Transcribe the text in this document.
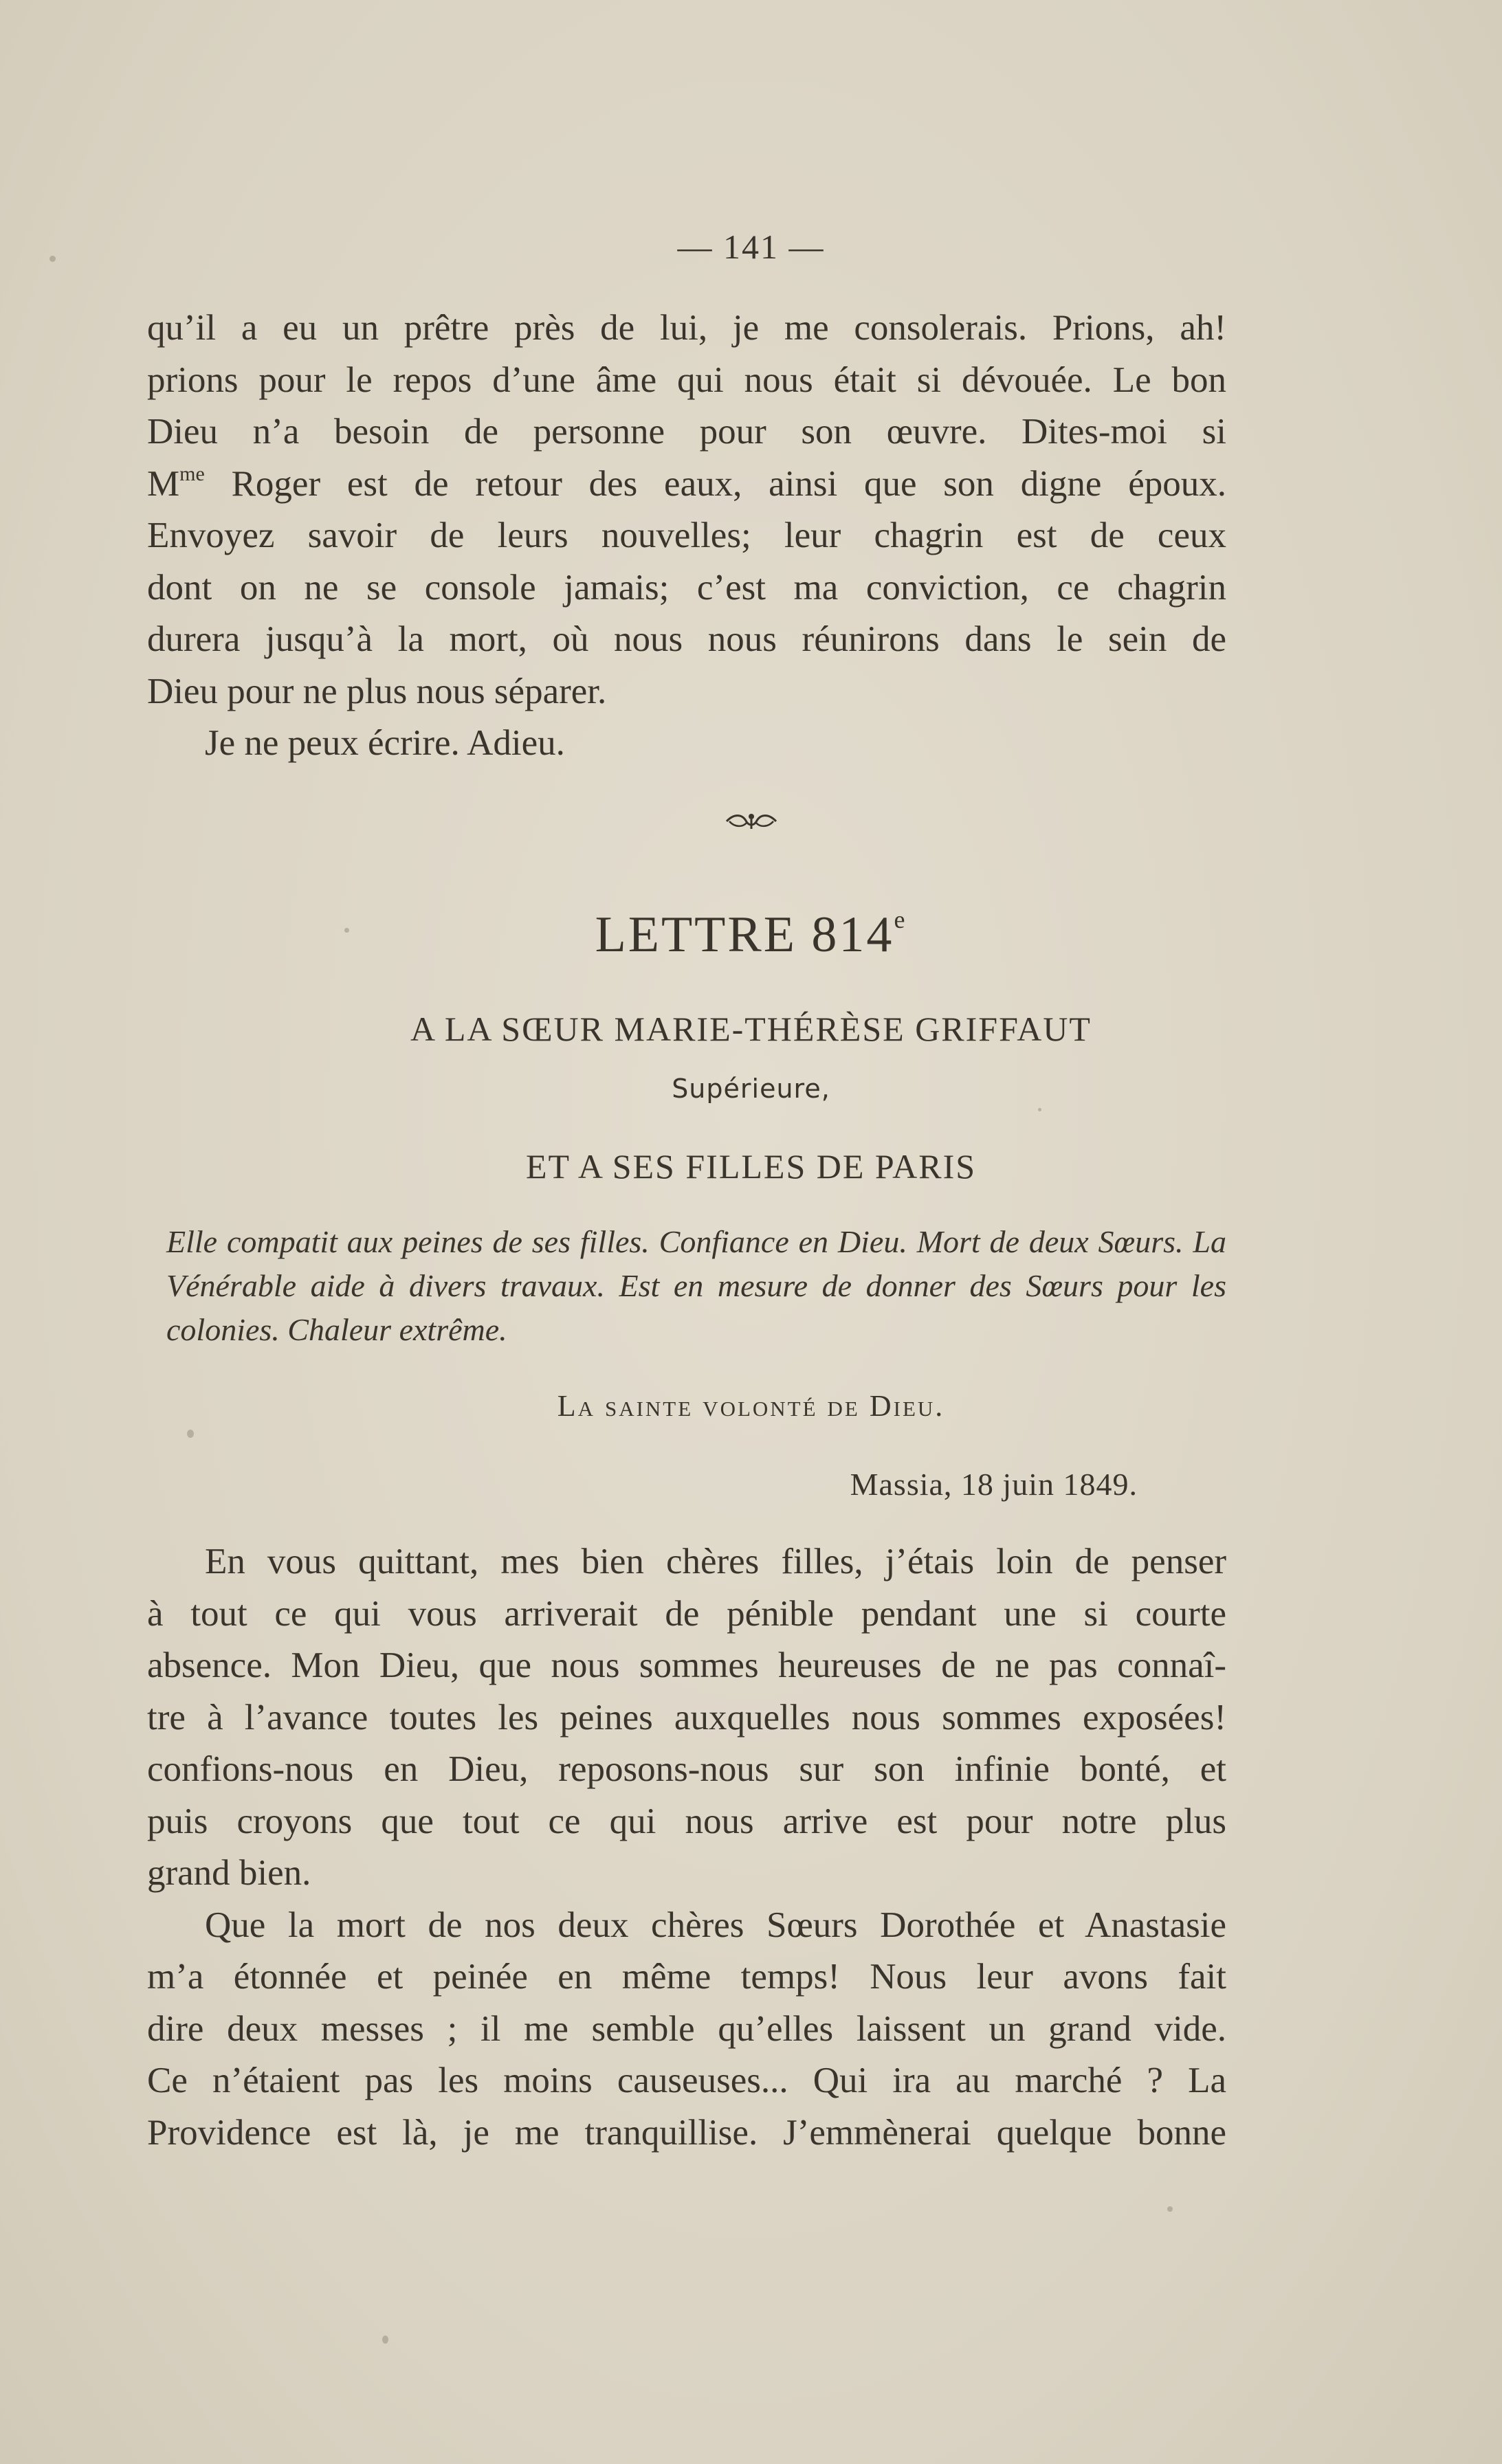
— 141 —

qu’il a eu un prêtre près de lui, je me consolerais. Prions, ah!

prions pour le repos d’une âme qui nous était si dévouée. Le bon

Dieu n’a besoin de personne pour son œuvre. Dites-moi si

$M^{me}$ Roger est de retour des eaux, ainsi que son digne époux.

Envoyez savoir de leurs nouvelles; leur chagrin est de ceux

dont on ne se console jamais; c’est ma conviction, ce chagrin

durera jusqu’à la mort, où nous nous réunirons dans le sein de

Dieu pour ne plus nous séparer.

Je ne peux écrire. Adieu.

LETTRE 814e
A LA SŒUR MARIE-THÉRÈSE GRIFFAUT
Supérieure,
ET A SES FILLES DE PARIS

Elle compatit aux peines de ses filles. Confiance en Dieu. Mort de deux Sœurs. La Vénérable aide à divers travaux. Est en mesure de donner des Sœurs pour les colonies. Chaleur extrême.

La sainte volonté de Dieu.
Massia, 18 juin 1849.

En vous quittant, mes bien chères filles, j’étais loin de penser

à tout ce qui vous arriverait de pénible pendant une si courte

absence. Mon Dieu, que nous sommes heureuses de ne pas connaî-

tre à l’avance toutes les peines auxquelles nous sommes exposées!

confions-nous en Dieu, reposons-nous sur son infinie bonté, et

puis croyons que tout ce qui nous arrive est pour notre plus

grand bien.

Que la mort de nos deux chères Sœurs Dorothée et Anastasie

m’a étonnée et peinée en même temps! Nous leur avons fait

dire deux messes ; il me semble qu’elles laissent un grand vide.

Ce n’étaient pas les moins causeuses... Qui ira au marché ? La

Providence est là, je me tranquillise. J’emmènerai quelque bonne
